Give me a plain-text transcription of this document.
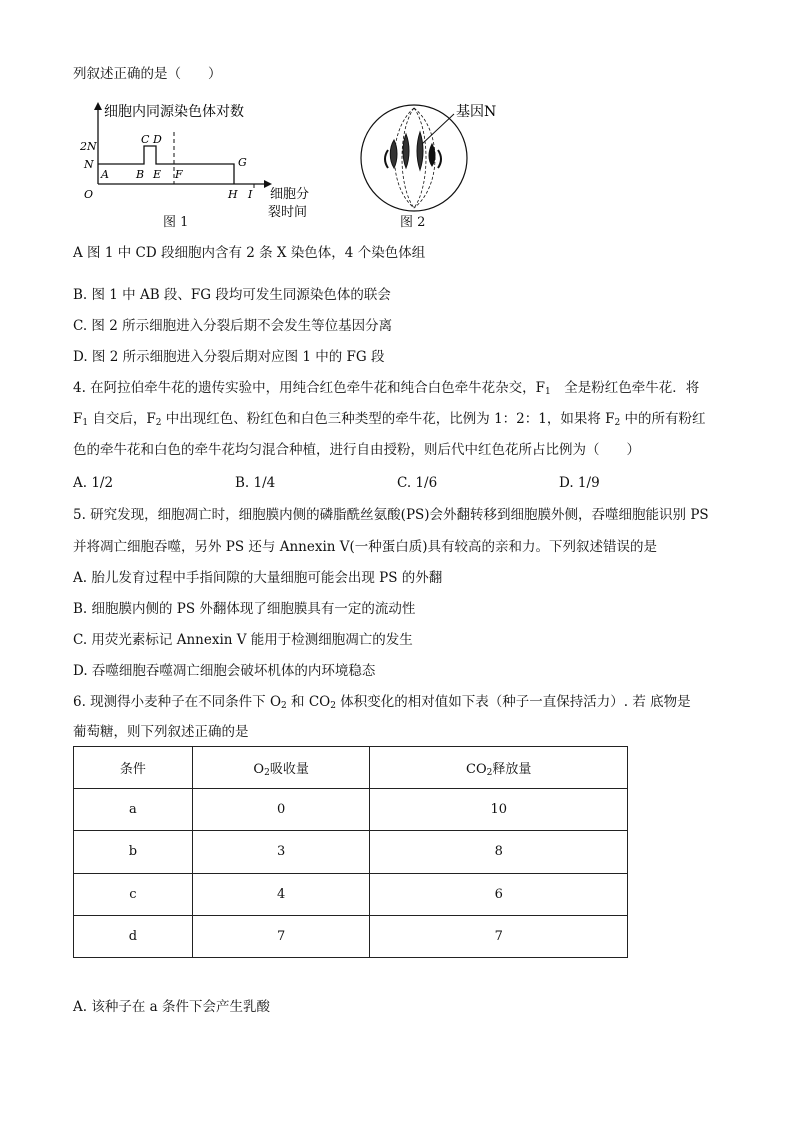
列叙述正确的是（　　）
细胞内同源染色体对数
2N
N
O
A B
C D
E F
G
H I 细胞分
裂时间
图 1
基因N
图 2
A 图 1 中 CD 段细胞内含有 2 条 X 染色体，4 个染色体组
B. 图 1 中 AB 段、FG 段均可发生同源染色体的联会
C. 图 2 所示细胞进入分裂后期不会发生等位基因分离
D. 图 2 所示细胞进入分裂后期对应图 1 中的 FG 段
4. 在阿拉伯牵牛花的遗传实验中，用纯合红色牵牛花和纯合白色牵牛花杂交，$F_1$　全是粉红色牵牛花．将
$F_1$ 自交后，$F_2$ 中出现红色、粉红色和白色三种类型的牵牛花，比例为 1：2：1，如果将 $F_2$ 中的所有粉红
色的牵牛花和白色的牵牛花均匀混合种植，进行自由授粉，则后代中红色花所占比例为（　　）
A. 1/2	B. 1/4	C. 1/6	D. 1/9
5. 研究发现，细胞凋亡时，细胞膜内侧的磷脂酰丝氨酸(PS)会外翻转移到细胞膜外侧，吞噬细胞能识别 PS
并将凋亡细胞吞噬，另外 PS 还与 Annexin V(一种蛋白质)具有较高的亲和力。下列叙述错误的是
A. 胎儿发育过程中手指间隙的大量细胞可能会出现 PS 的外翻
B. 细胞膜内侧的 PS 外翻体现了细胞膜具有一定的流动性
C. 用荧光素标记 Annexin V 能用于检测细胞凋亡的发生
D. 吞噬细胞吞噬凋亡细胞会破坏机体的内环境稳态
6. 现测得小麦种子在不同条件下 $O_2$ 和 $CO_2$ 体积变化的相对值如下表（种子一直保持活力）. 若 底物是
葡萄糖，则下列叙述正确的是
条件	$O_2$吸收量	$CO_2$释放量
a	0	10
b	3	8
c	4	6
d	7	7
A. 该种子在 a 条件下会产生乳酸
